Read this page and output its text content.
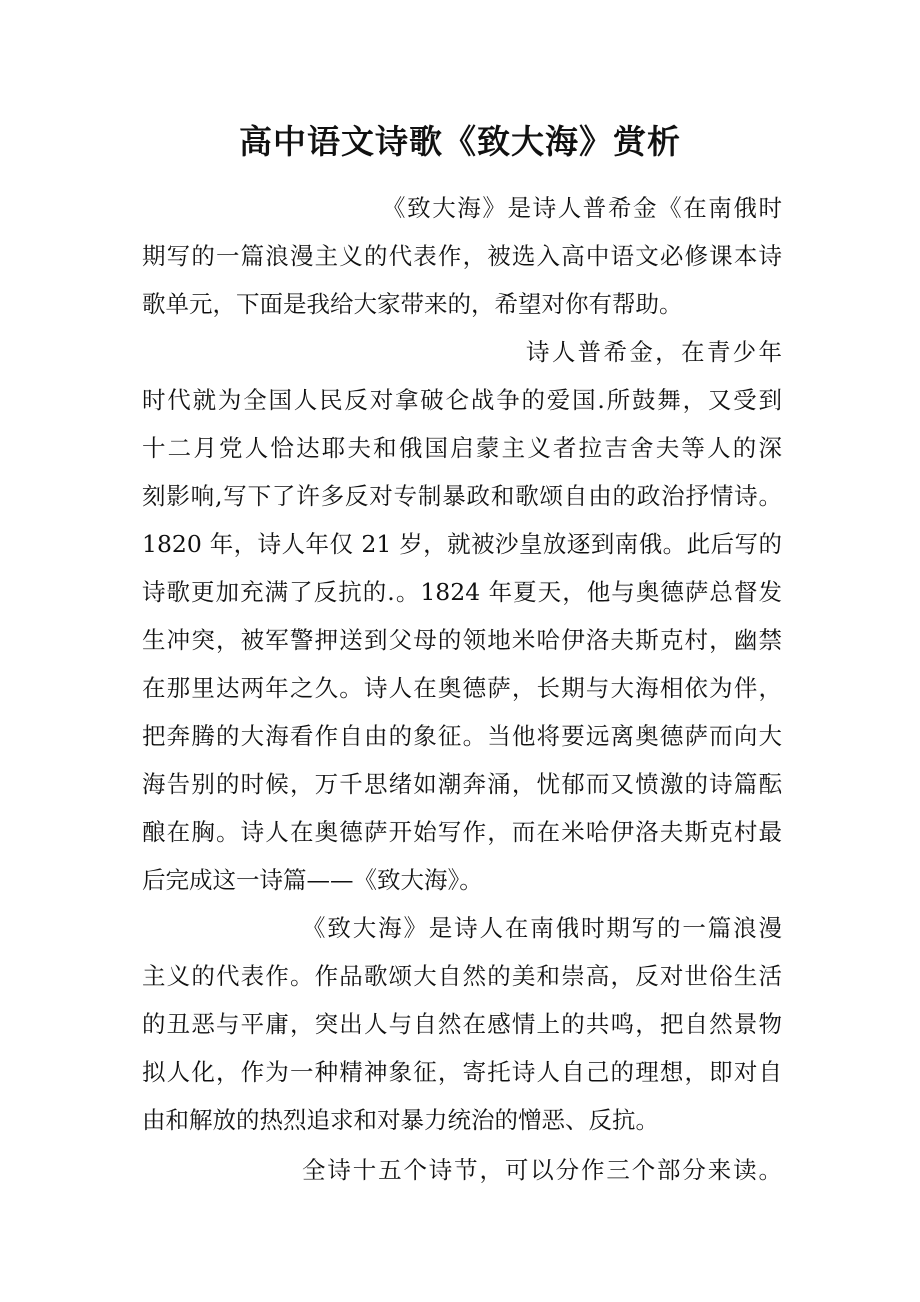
高中语文诗歌《致大海》赏析
《致大海》是诗人普希金《在南俄时
期写的一篇浪漫主义的代表作，被选入高中语文必修课本诗
歌单元，下面是我给大家带来的，希望对你有帮助。
诗人普希金，在青少年
时代就为全国人民反对拿破仑战争的爱国.所鼓舞，又受到
十二月党人恰达耶夫和俄国启蒙主义者拉吉舍夫等人的深
刻影响,写下了许多反对专制暴政和歌颂自由的政治抒情诗。
1820 年，诗人年仅 21 岁，就被沙皇放逐到南俄。此后写的
诗歌更加充满了反抗的.。1824 年夏天，他与奥德萨总督发
生冲突，被军警押送到父母的领地米哈伊洛夫斯克村，幽禁
在那里达两年之久。诗人在奥德萨，长期与大海相依为伴，
把奔腾的大海看作自由的象征。当他将要远离奥德萨而向大
海告别的时候，万千思绪如潮奔涌，忧郁而又愤激的诗篇酝
酿在胸。诗人在奥德萨开始写作，而在米哈伊洛夫斯克村最
后完成这一诗篇——《致大海》。
《致大海》是诗人在南俄时期写的一篇浪漫
主义的代表作。作品歌颂大自然的美和崇高，反对世俗生活
的丑恶与平庸，突出人与自然在感情上的共鸣，把自然景物
拟人化，作为一种精神象征，寄托诗人自己的理想，即对自
由和解放的热烈追求和对暴力统治的憎恶、反抗。
全诗十五个诗节，可以分作三个部分来读。
